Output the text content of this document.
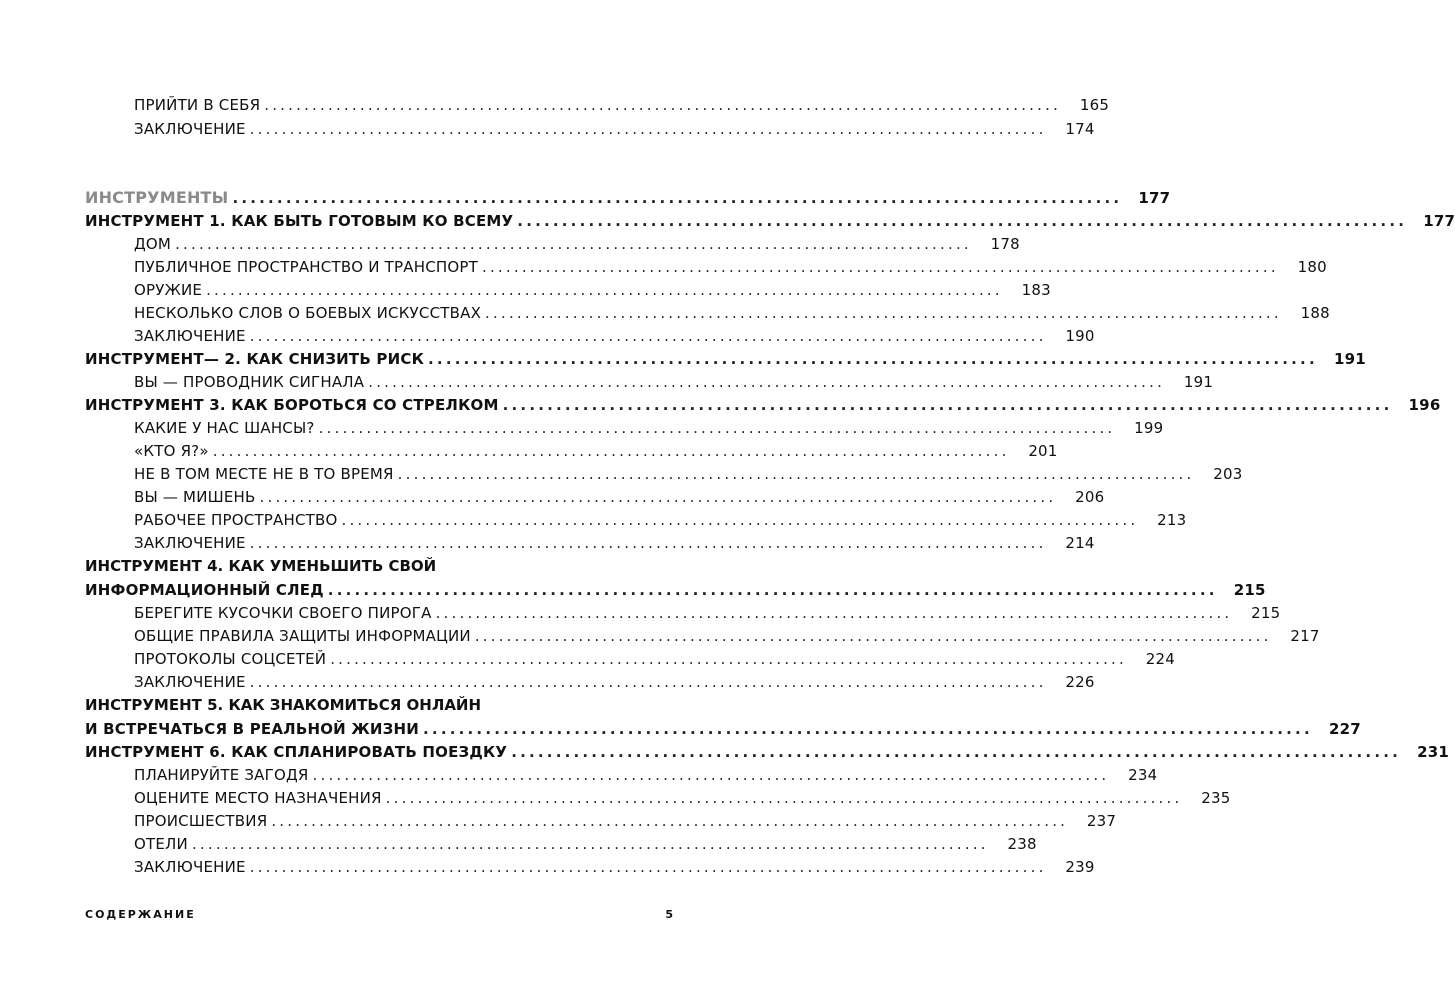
ПРИЙТИ В СЕБЯ ....................................................................................................	165
ЗАКЛЮЧЕНИЕ ....................................................................................................	174
ИНСТРУМЕНТЫ ....................................................................................................	177
ИНСТРУМЕНТ 1. КАК БЫТЬ ГОТОВЫМ КО ВСЕМУ ....................................................................................................	177
ДОМ ....................................................................................................	178
ПУБЛИЧНОЕ ПРОСТРАНСТВО И ТРАНСПОРТ ....................................................................................................	180
ОРУЖИЕ ....................................................................................................	183
НЕСКОЛЬКО СЛОВ О БОЕВЫХ ИСКУССТВАХ ....................................................................................................	188
ЗАКЛЮЧЕНИЕ ....................................................................................................	190
ИНСТРУМЕНТ— 2. КАК СНИЗИТЬ РИСК ....................................................................................................	191
ВЫ — ПРОВОДНИК СИГНАЛА ....................................................................................................	191
ИНСТРУМЕНТ 3. КАК БОРОТЬСЯ СО СТРЕЛКОМ ....................................................................................................	196
КАКИЕ У НАС ШАНСЫ? ....................................................................................................	199
«КТО Я?» ....................................................................................................	201
НЕ В ТОМ МЕСТЕ НЕ В ТО ВРЕМЯ ....................................................................................................	203
ВЫ — МИШЕНЬ ....................................................................................................	206
РАБОЧЕЕ ПРОСТРАНСТВО ....................................................................................................	213
ЗАКЛЮЧЕНИЕ ....................................................................................................	214
ИНСТРУМЕНТ 4. КАК УМЕНЬШИТЬ СВОЙ
ИНФОРМАЦИОННЫЙ СЛЕД ....................................................................................................	215
БЕРЕГИТЕ КУСОЧКИ СВОЕГО ПИРОГА ....................................................................................................	215
ОБЩИЕ ПРАВИЛА ЗАЩИТЫ ИНФОРМАЦИИ ....................................................................................................	217
ПРОТОКОЛЫ СОЦСЕТЕЙ ....................................................................................................	224
ЗАКЛЮЧЕНИЕ ....................................................................................................	226
ИНСТРУМЕНТ 5. КАК ЗНАКОМИТЬСЯ ОНЛАЙН
И ВСТРЕЧАТЬСЯ В РЕАЛЬНОЙ ЖИЗНИ ....................................................................................................	227
ИНСТРУМЕНТ 6. КАК СПЛАНИРОВАТЬ ПОЕЗДКУ ....................................................................................................	231
ПЛАНИРУЙТЕ ЗАГОДЯ ....................................................................................................	234
ОЦЕНИТЕ МЕСТО НАЗНАЧЕНИЯ ....................................................................................................	235
ПРОИСШЕСТВИЯ ....................................................................................................	237
ОТЕЛИ ....................................................................................................	238
ЗАКЛЮЧЕНИЕ ....................................................................................................	239
СОДЕРЖАНИЕ	5
